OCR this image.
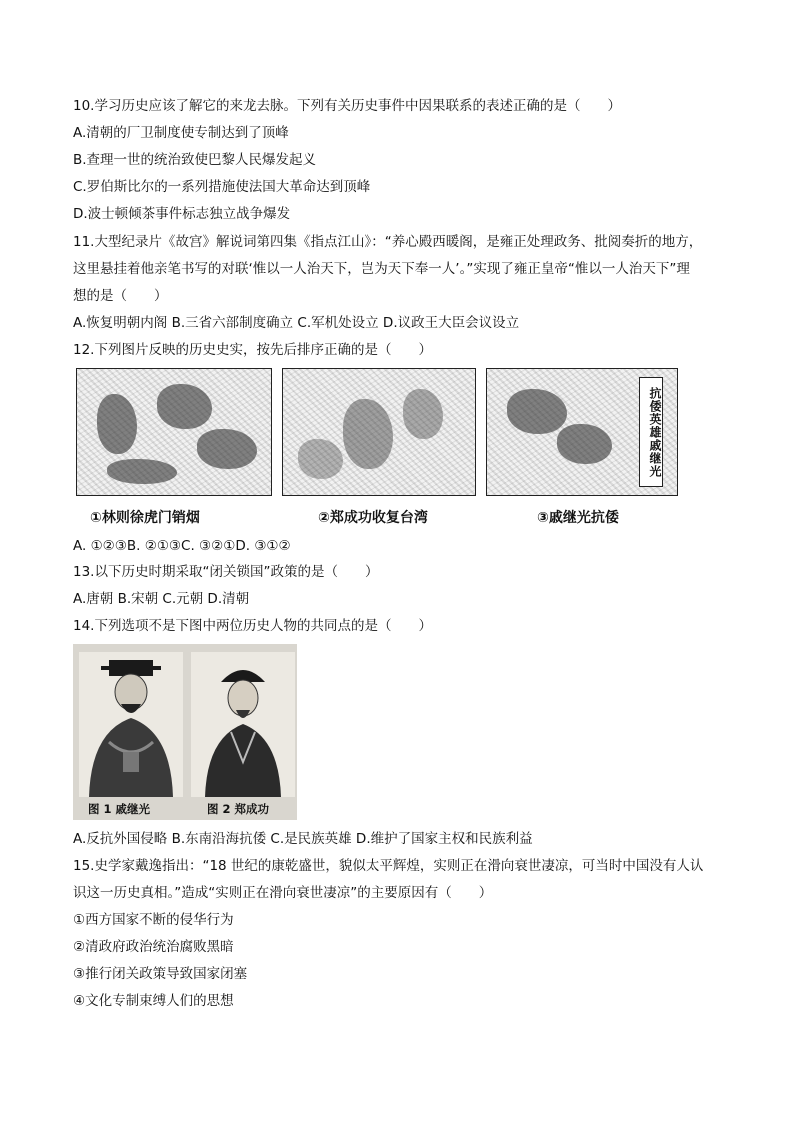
10.学习历史应该了解它的来龙去脉。下列有关历史事件中因果联系的表述正确的是（　　）
A.清朝的厂卫制度使专制达到了顶峰
B.查理一世的统治致使巴黎人民爆发起义
C.罗伯斯比尔的一系列措施使法国大革命达到顶峰
D.波士顿倾茶事件标志独立战争爆发
11.大型纪录片《故宫》解说词第四集《指点江山》：“养心殿西暖阁，是雍正处理政务、批阅奏折的地方，
这里悬挂着他亲笔书写的对联‘惟以一人治天下，岂为天下奉一人’。”实现了雍正皇帝“惟以一人治天下”理
想的是（　　）
A.恢复明朝内阁 B.三省六部制度确立 C.军机处设立 D.议政王大臣会议设立
12.下列图片反映的历史史实，按先后排序正确的是（　　）
抗倭英雄戚继光
①林则徐虎门销烟	②郑成功收复台湾	③戚继光抗倭
A. ①②③B. ②①③C. ③②①D. ③①②
13.以下历史时期采取“闭关锁国”政策的是（　　）
A.唐朝 B.宋朝 C.元朝 D.清朝
14.下列选项不是下图中两位历史人物的共同点的是（　　）
图 1 戚继光	图 2 郑成功
A.反抗外国侵略 B.东南沿海抗倭 C.是民族英雄 D.维护了国家主权和民族利益
15.史学家戴逸指出：“18 世纪的康乾盛世，貌似太平辉煌，实则正在滑向衰世凄凉，可当时中国没有人认
识这一历史真相。”造成“实则正在滑向衰世凄凉”的主要原因有（　　）
①西方国家不断的侵华行为
②清政府政治统治腐败黑暗
③推行闭关政策导致国家闭塞
④文化专制束缚人们的思想
